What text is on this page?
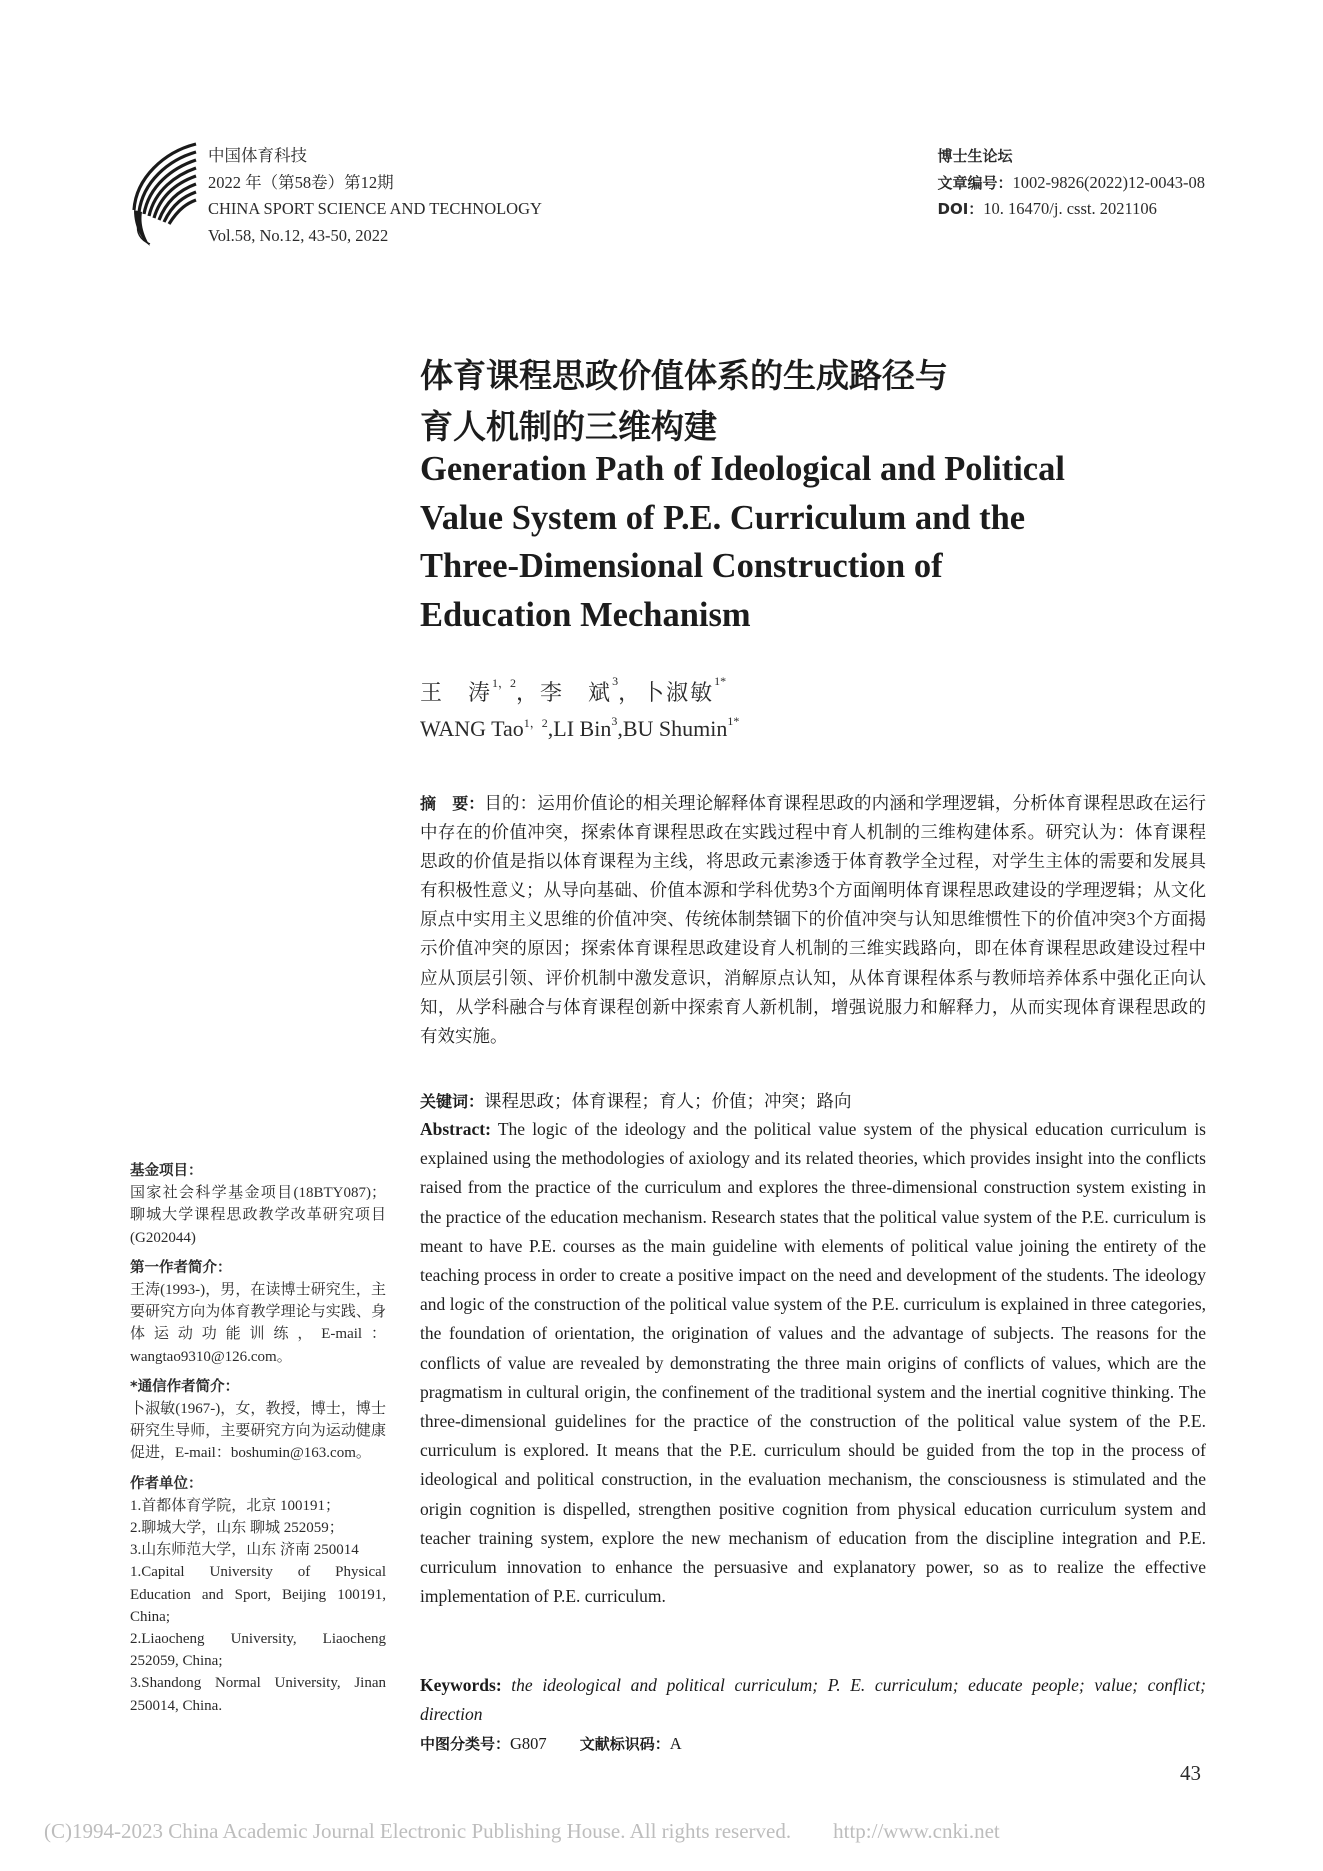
中国体育科技
2022 年（第58卷）第12期
CHINA SPORT SCIENCE AND TECHNOLOGY
Vol.58, No.12, 43-50, 2022
博士生论坛
文章编号：1002-9826(2022)12-0043-08
DOI：10. 16470/j. csst. 2021106
体育课程思政价值体系的生成路径与
育人机制的三维构建
Generation Path of Ideological and Political
Value System of P.E. Curriculum and the
Three-Dimensional Construction of
Education Mechanism
王　涛$^{1,2}$，李　斌$^3$，卜淑敏$^{1*}$
WANG Tao$^{1,2}$,LI Bin$^3$,BU Shumin$^{1*}$
摘　要：目的：运用价值论的相关理论解释体育课程思政的内涵和学理逻辑，分析体育课程思政在运行中存在的价值冲突，探索体育课程思政在实践过程中育人机制的三维构建体系。研究认为：体育课程思政的价值是指以体育课程为主线，将思政元素渗透于体育教学全过程，对学生主体的需要和发展具有积极性意义；从导向基础、价值本源和学科优势3个方面阐明体育课程思政建设的学理逻辑；从文化原点中实用主义思维的价值冲突、传统体制禁锢下的价值冲突与认知思维惯性下的价值冲突3个方面揭示价值冲突的原因；探索体育课程思政建设育人机制的三维实践路向，即在体育课程思政建设过程中应从顶层引领、评价机制中激发意识，消解原点认知，从体育课程体系与教师培养体系中强化正向认知，从学科融合与体育课程创新中探索育人新机制，增强说服力和解释力，从而实现体育课程思政的有效实施。
关键词：课程思政；体育课程；育人；价值；冲突；路向
Abstract: The logic of the ideology and the political value system of the physical education curriculum is explained using the methodologies of axiology and its related theories, which provides insight into the conflicts raised from the practice of the curriculum and explores the three-dimensional construction system existing in the practice of the education mechanism. Research states that the political value system of the P.E. curriculum is meant to have P.E. courses as the main guideline with elements of political value joining the entirety of the teaching process in order to create a positive impact on the need and development of the students. The ideology and logic of the construction of the political value system of the P.E. curriculum is explained in three categories, the foundation of orientation, the origination of values and the advantage of subjects. The reasons for the conflicts of value are revealed by demonstrating the three main origins of conflicts of values, which are the pragmatism in cultural origin, the confinement of the traditional system and the inertial cognitive thinking. The three-dimensional guidelines for the practice of the construction of the political value system of the P.E. curriculum is explored. It means that the P.E. curriculum should be guided from the top in the process of ideological and political construction, in the evaluation mechanism, the consciousness is stimulated and the origin cognition is dispelled, strengthen positive cognition from physical education curriculum system and teacher training system, explore the new mechanism of education from the discipline integration and P.E. curriculum innovation to enhance the persuasive and explanatory power, so as to realize the effective implementation of P.E. curriculum.
Keywords: the ideological and political curriculum; P. E. curriculum; educate people; value; conflict; direction
中图分类号：G807　　 文献标识码：A
基金项目：
国家社会科学基金项目(18BTY087)；聊城大学课程思政教学改革研究项目(G202044)
第一作者简介：
王涛(1993-)，男，在读博士研究生，主要研究方向为体育教学理论与实践、身体运动功能训练，E-mail：wangtao9310@126.com。
*通信作者简介：
卜淑敏(1967-)，女，教授，博士，博士研究生导师，主要研究方向为运动健康促进，E-mail：boshumin@163.com。
作者单位：
1.首都体育学院，北京 100191；
2.聊城大学，山东 聊城 252059；
3.山东师范大学，山东 济南 250014
1.Capital University of Physical Education and Sport, Beijing 100191, China;
2.Liaocheng University, Liaocheng 252059, China;
3.Shandong Normal University, Jinan 250014, China.
43
(C)1994-2023 China Academic Journal Electronic Publishing House. All rights reserved.　　http://www.cnki.net
